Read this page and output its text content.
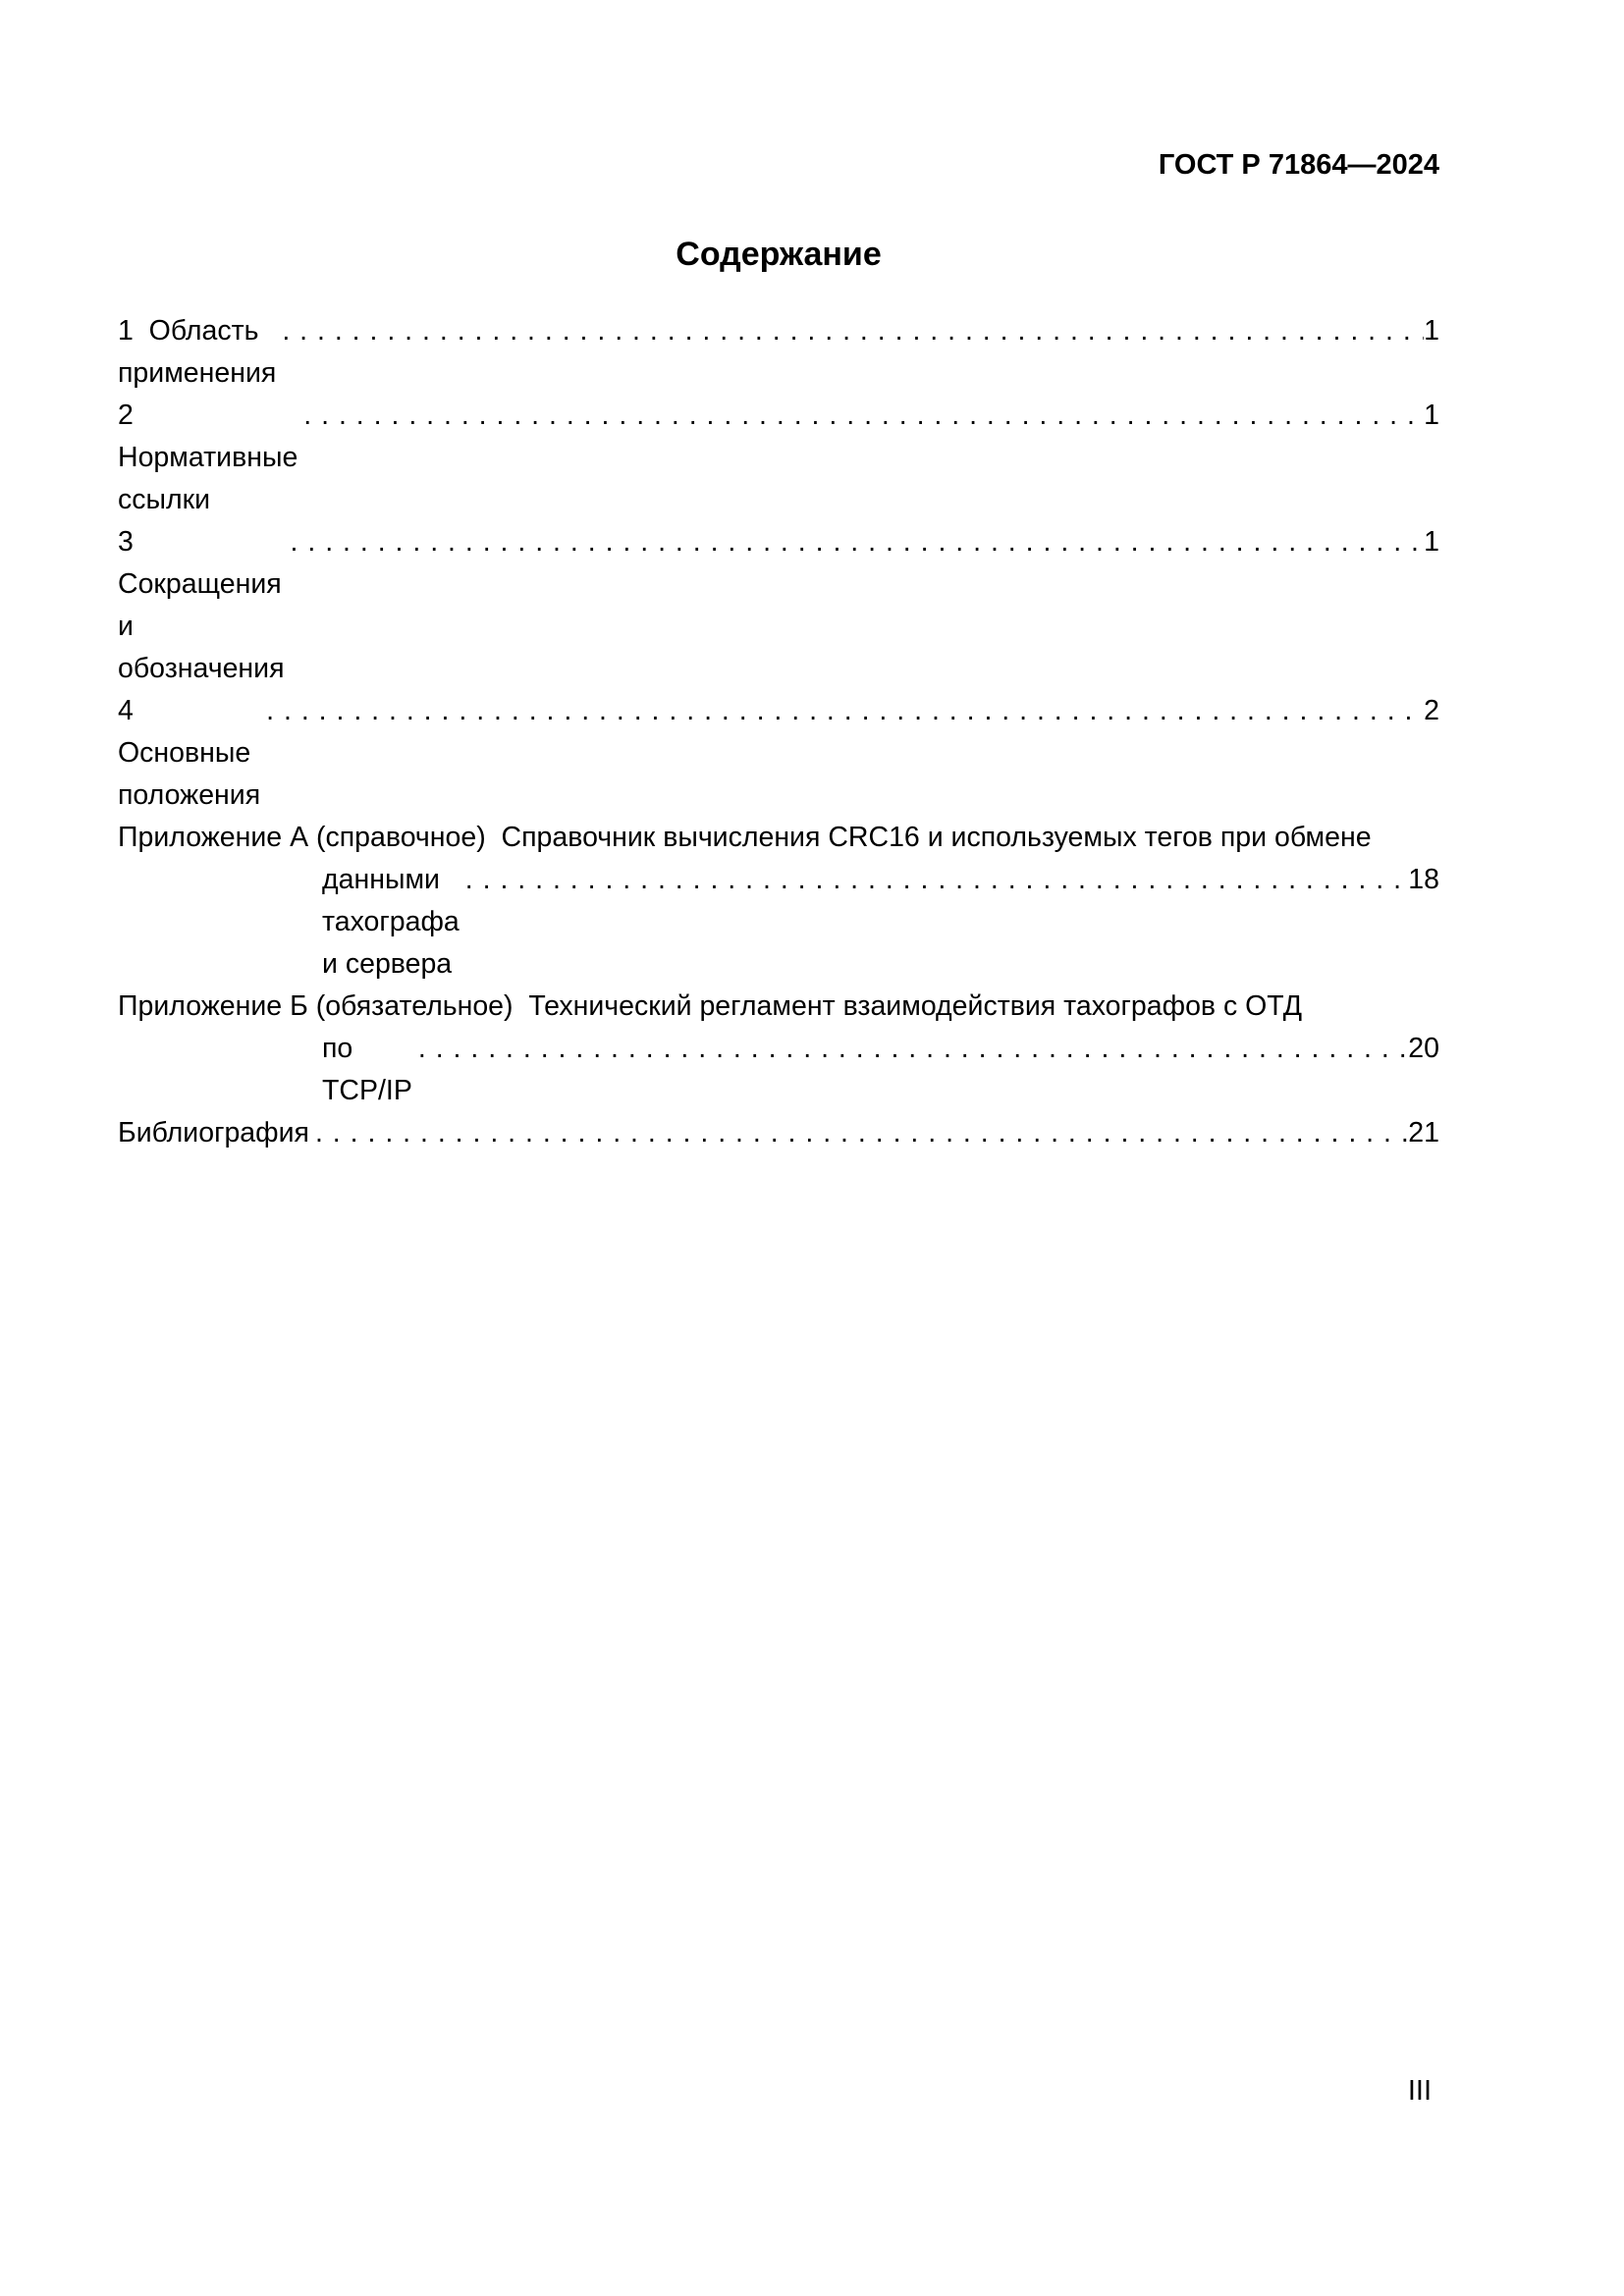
ГОСТ Р 71864—2024
Содержание
1  Область применения
. . .
1
2  Нормативные ссылки
. . .
1
3  Сокращения и обозначения
. . .
1
4  Основные положения
. . .
2
Приложение А (справочное)  Справочник вычисления CRC16 и используемых тегов при обмене
данными тахографа и сервера
. . .
18
Приложение Б (обязательное)  Технический регламент взаимодействия тахографов с ОТД
по TCP/IP
. . .
20
Библиография . . .	21
III
